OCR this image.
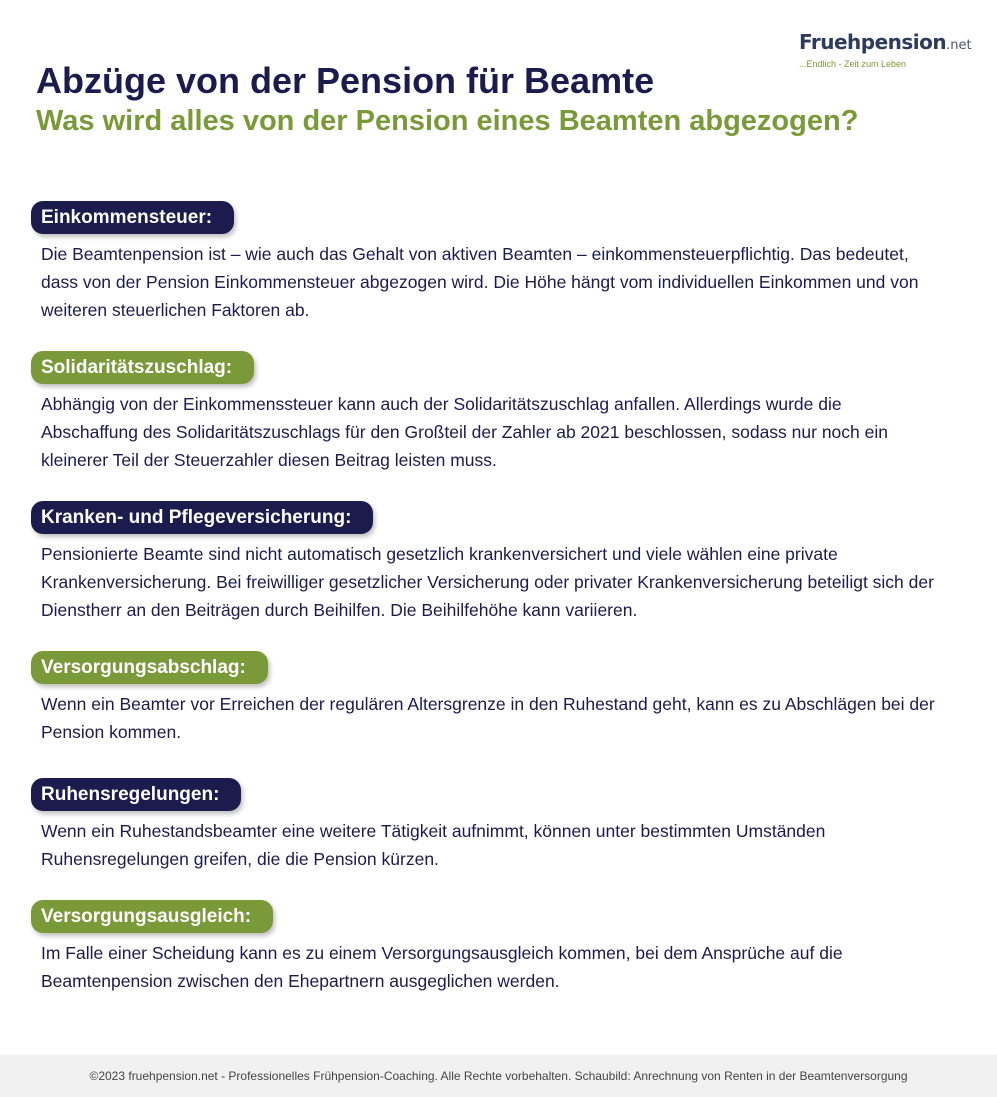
Fruehpension.net
...Endlich - Zeit zum Leben
Abzüge von der Pension für Beamte
Was wird alles von der Pension eines Beamten abgezogen?
Einkommensteuer:

Die Beamtenpension ist – wie auch das Gehalt von aktiven Beamten – einkommensteuerpflichtig. Das bedeutet, dass von der Pension Einkommensteuer abgezogen wird. Die Höhe hängt vom individuellen Einkommen und von weiteren steuerlichen Faktoren ab.

Solidaritätszuschlag:

Abhängig von der Einkommenssteuer kann auch der Solidaritätszuschlag anfallen. Allerdings wurde die Abschaffung des Solidaritätszuschlags für den Großteil der Zahler ab 2021 beschlossen, sodass nur noch ein kleinerer Teil der Steuerzahler diesen Beitrag leisten muss.

Kranken- und Pflegeversicherung:

Pensionierte Beamte sind nicht automatisch gesetzlich krankenversichert und viele wählen eine private Krankenversicherung. Bei freiwilliger gesetzlicher Versicherung oder privater Krankenversicherung beteiligt sich der Dienstherr an den Beiträgen durch Beihilfen. Die Beihilfehöhe kann variieren.

Versorgungsabschlag:

Wenn ein Beamter vor Erreichen der regulären Altersgrenze in den Ruhestand geht, kann es zu Abschlägen bei der Pension kommen.

Ruhensregelungen:

Wenn ein Ruhestandsbeamter eine weitere Tätigkeit aufnimmt, können unter bestimmten Umständen Ruhensregelungen greifen, die die Pension kürzen.

Versorgungsausgleich:

Im Falle einer Scheidung kann es zu einem Versorgungsausgleich kommen, bei dem Ansprüche auf die Beamtenpension zwischen den Ehepartnern ausgeglichen werden.

©2023 fruehpension.net - Professionelles Frühpension-Coaching. Alle Rechte vorbehalten. Schaubild: Anrechnung von Renten in der Beamtenversorgung
